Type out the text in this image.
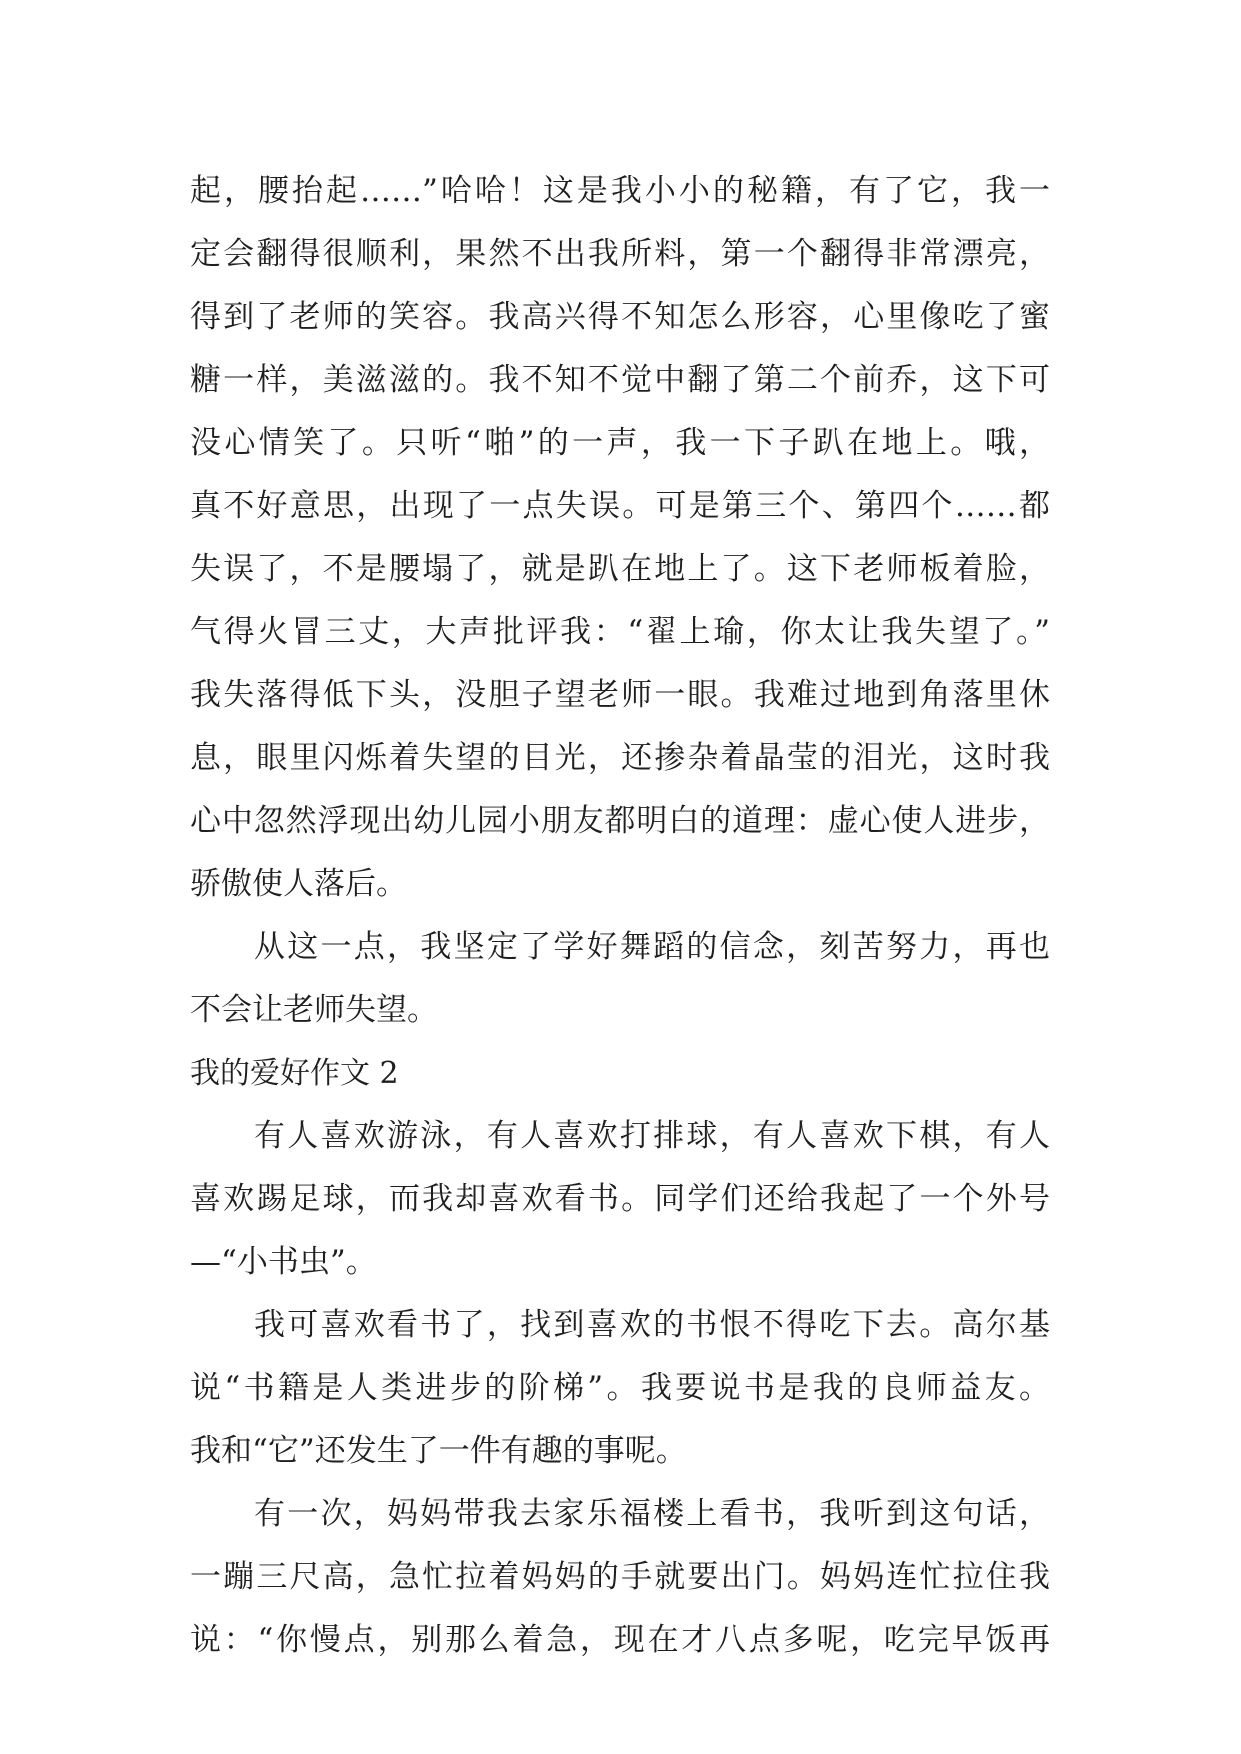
起，腰抬起……”哈哈！这是我小小的秘籍，有了它，我一
定会翻得很顺利，果然不出我所料，第一个翻得非常漂亮，
得到了老师的笑容。我高兴得不知怎么形容，心里像吃了蜜
糖一样，美滋滋的。我不知不觉中翻了第二个前乔，这下可
没心情笑了。只听“啪”的一声，我一下子趴在地上。哦，
真不好意思，出现了一点失误。可是第三个、第四个……都
失误了，不是腰塌了，就是趴在地上了。这下老师板着脸，
气得火冒三丈，大声批评我：“翟上瑜，你太让我失望了。”
我失落得低下头，没胆子望老师一眼。我难过地到角落里休
息，眼里闪烁着失望的目光，还掺杂着晶莹的泪光，这时我
心中忽然浮现出幼儿园小朋友都明白的道理：虚心使人进步，
骄傲使人落后。
从这一点，我坚定了学好舞蹈的信念，刻苦努力，再也
不会让老师失望。
我的爱好作文 2
有人喜欢游泳，有人喜欢打排球，有人喜欢下棋，有人
喜欢踢足球，而我却喜欢看书。同学们还给我起了一个外号
—“小书虫”。
我可喜欢看书了，找到喜欢的书恨不得吃下去。高尔基
说“书籍是人类进步的阶梯”。我要说书是我的良师益友。
我和“它”还发生了一件有趣的事呢。
有一次，妈妈带我去家乐福楼上看书，我听到这句话，
一蹦三尺高，急忙拉着妈妈的手就要出门。妈妈连忙拉住我
说：“你慢点，别那么着急，现在才八点多呢，吃完早饭再
